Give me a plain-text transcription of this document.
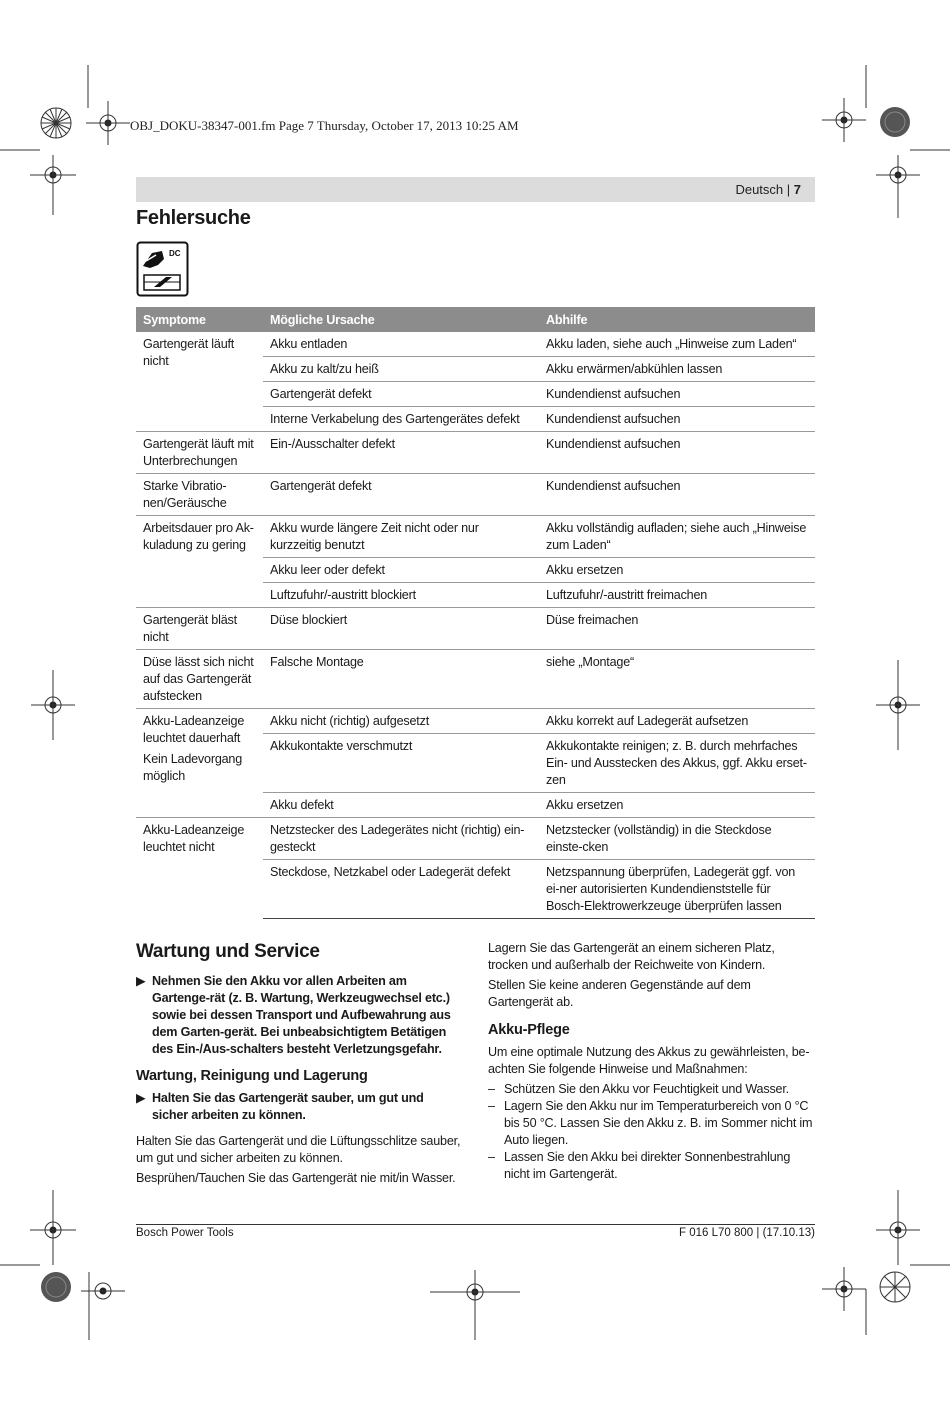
OBJ_DOKU-38347-001.fm Page 7 Thursday, October 17, 2013 10:25 AM
Deutsch | 7
Fehlersuche
DC
Symptome	Mögliche Ursache	Abhilfe

Gartengerät läuft nicht	Akku entladen	Akku laden, siehe auch „Hinweise zum Laden“
	Akku zu kalt/zu heiß	Akku erwärmen/abkühlen lassen
	Gartengerät defekt	Kundendienst aufsuchen
	Interne Verkabelung des Gartengerätes defekt	Kundendienst aufsuchen

Gartengerät läuft mit Unterbrechungen	Ein-/Ausschalter defekt	Kundendienst aufsuchen

Starke Vibratio-nen/Geräusche	Gartengerät defekt	Kundendienst aufsuchen

Arbeitsdauer pro Ak-kuladung zu gering	Akku wurde längere Zeit nicht oder nur kurzzeitig benutzt	Akku vollständig aufladen; siehe auch „Hinweise zum Laden“
	Akku leer oder defekt	Akku ersetzen
	Luftzufuhr/-austritt blockiert	Luftzufuhr/-austritt freimachen

Gartengerät bläst nicht	Düse blockiert	Düse freimachen

Düse lässt sich nicht auf das Gartengerät aufstecken	Falsche Montage	siehe „Montage“

Akku-Ladeanzeige leuchtet dauerhaft
Kein Ladevorgang möglich	Akku nicht (richtig) aufgesetzt	Akku korrekt auf Ladegerät aufsetzen
	Akkukontakte verschmutzt	Akkukontakte reinigen; z. B. durch mehrfaches Ein- und Ausstecken des Akkus, ggf. Akku erset-zen
	Akku defekt	Akku ersetzen

Akku-Ladeanzeige leuchtet nicht	Netzstecker des Ladegerätes nicht (richtig) ein-gesteckt	Netzstecker (vollständig) in die Steckdose einste-cken
	Steckdose, Netzkabel oder Ladegerät defekt	Netzspannung überprüfen, Ladegerät ggf. von ei-ner autorisierten Kundendienststelle für Bosch-Elektrowerkzeuge überprüfen lassen
Wartung und Service
▶ Nehmen Sie den Akku vor allen Arbeiten am Gartenge-rät (z. B. Wartung, Werkzeugwechsel etc.) sowie bei dessen Transport und Aufbewahrung aus dem Garten-gerät. Bei unbeabsichtigtem Betätigen des Ein-/Aus-schalters besteht Verletzungsgefahr.
Wartung, Reinigung und Lagerung
▶ Halten Sie das Gartengerät sauber, um gut und sicher arbeiten zu können.

Halten Sie das Gartengerät und die Lüftungsschlitze sauber, um gut und sicher arbeiten zu können.

Besprühen/Tauchen Sie das Gartengerät nie mit/in Wasser.

Lagern Sie das Gartengerät an einem sicheren Platz, trocken und außerhalb der Reichweite von Kindern.

Stellen Sie keine anderen Gegenstände auf dem Gartengerät ab.

Akku-Pflege

Um eine optimale Nutzung des Akkus zu gewährleisten, be-achten Sie folgende Hinweise und Maßnahmen:

– Schützen Sie den Akku vor Feuchtigkeit und Wasser.
– Lagern Sie den Akku nur im Temperaturbereich von 0 °C bis 50 °C. Lassen Sie den Akku z. B. im Sommer nicht im Auto liegen.
– Lassen Sie den Akku bei direkter Sonnenbestrahlung nicht im Gartengerät.
Bosch Power Tools	F 016 L70 800 | (17.10.13)
